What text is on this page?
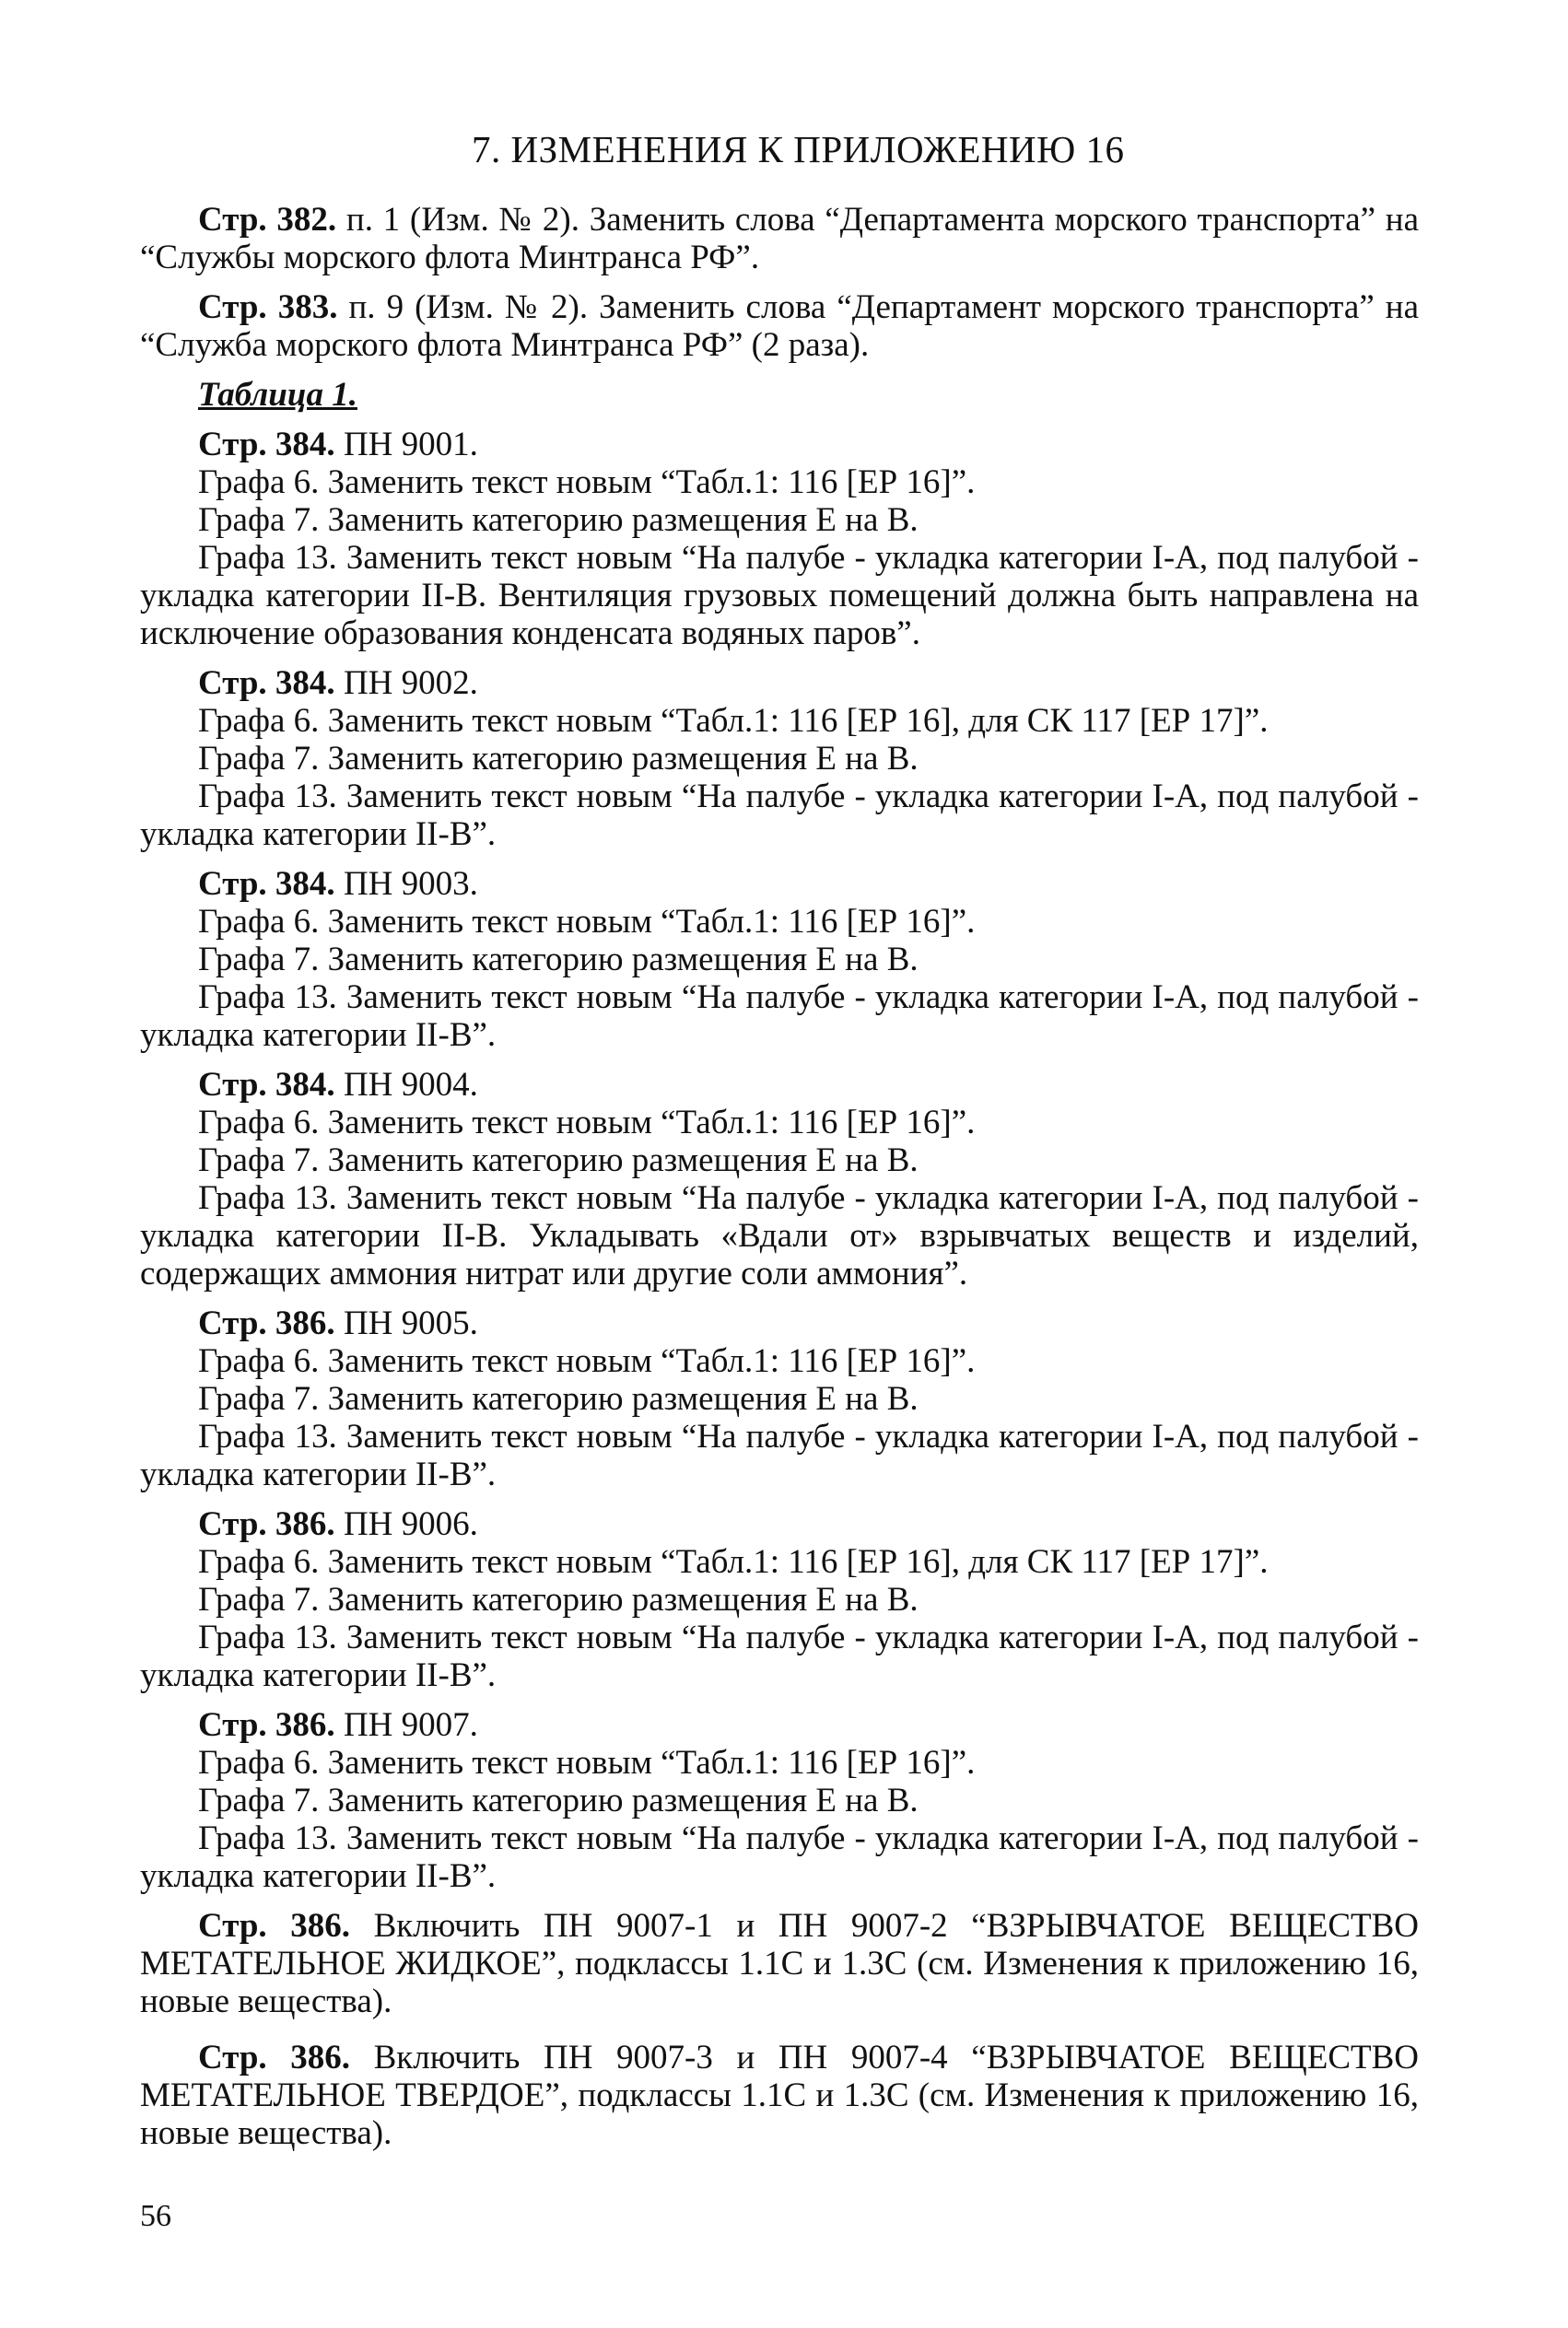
7. ИЗМЕНЕНИЯ К ПРИЛОЖЕНИЮ 16

Стр. 382. п. 1 (Изм. № 2). Заменить слова “Департамента морского транспорта” на “Службы морского флота Минтранса РФ”.

Стр. 383. п. 9 (Изм. № 2). Заменить слова “Департамент морского транспорта” на “Служба морского флота Минтранса РФ” (2 раза).

Таблица 1.
Стр. 384. ПН 9001.
Графа 6. Заменить текст новым “Табл.1: 116 [ЕР 16]”.
Графа 7. Заменить категорию размещения Е на В.

Графа 13. Заменить текст новым “На палубе - укладка категории I-А, под палубой - укладка категории II-В. Вентиляция грузовых помещений должна быть направлена на исключение образования конденсата водяных паров”.

Стр. 384. ПН 9002.
Графа 6. Заменить текст новым “Табл.1: 116 [ЕР 16], для СК 117 [ЕР 17]”.
Графа 7. Заменить категорию размещения Е на В.

Графа 13. Заменить текст новым “На палубе - укладка категории I-А, под палубой - укладка категории II-В”.

Стр. 384. ПН 9003.
Графа 6. Заменить текст новым “Табл.1: 116 [ЕР 16]”.
Графа 7. Заменить категорию размещения Е на В.

Графа 13. Заменить текст новым “На палубе - укладка категории I-А, под палубой - укладка категории II-В”.

Стр. 384. ПН 9004.
Графа 6. Заменить текст новым “Табл.1: 116 [ЕР 16]”.
Графа 7. Заменить категорию размещения Е на В.

Графа 13. Заменить текст новым “На палубе - укладка категории I-А, под палубой - укладка категории II-В. Укладывать «Вдали от» взрывчатых веществ и изделий, содержащих аммония нитрат или другие соли аммония”.

Стр. 386. ПН 9005.
Графа 6. Заменить текст новым “Табл.1: 116 [ЕР 16]”.
Графа 7. Заменить категорию размещения Е на В.

Графа 13. Заменить текст новым “На палубе - укладка категории I-А, под палубой - укладка категории II-В”.

Стр. 386. ПН 9006.
Графа 6. Заменить текст новым “Табл.1: 116 [ЕР 16], для СК 117 [ЕР 17]”.
Графа 7. Заменить категорию размещения Е на В.

Графа 13. Заменить текст новым “На палубе - укладка категории I-А, под палубой - укладка категории II-В”.

Стр. 386. ПН 9007.
Графа 6. Заменить текст новым “Табл.1: 116 [ЕР 16]”.
Графа 7. Заменить категорию размещения Е на В.

Графа 13. Заменить текст новым “На палубе - укладка категории I-А, под палубой - укладка категории II-В”.

Стр. 386. Включить ПН 9007-1 и ПН 9007-2 “ВЗРЫВЧАТОЕ ВЕЩЕСТВО МЕТАТЕЛЬНОЕ ЖИДКОЕ”, подклассы 1.1С и 1.3С (см. Изменения к приложению 16, новые вещества).

Стр. 386. Включить ПН 9007-3 и ПН 9007-4 “ВЗРЫВЧАТОЕ ВЕЩЕСТВО МЕТАТЕЛЬНОЕ ТВЕРДОЕ”, подклассы 1.1С и 1.3С (см. Изменения к приложению 16, новые вещества).

56
